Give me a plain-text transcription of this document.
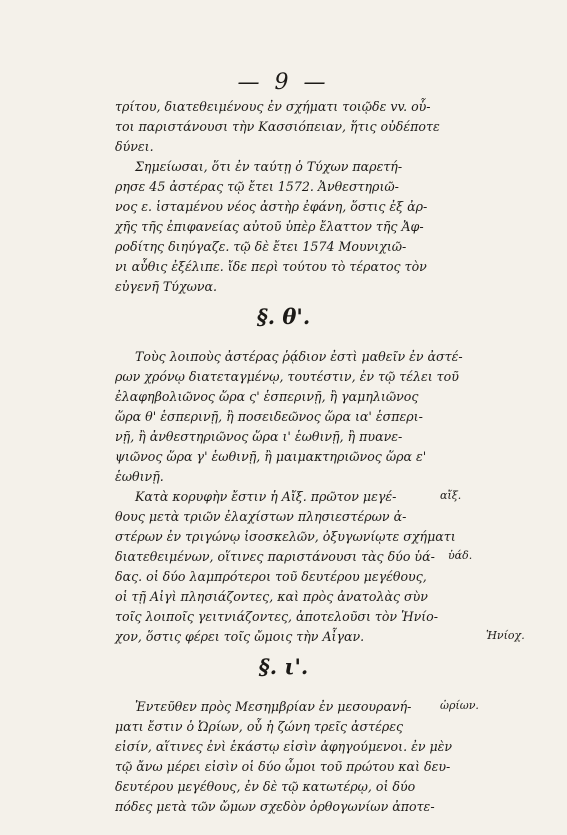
— 9 —
τρίτου, διατεθειμένους ἐν σχήματι τοιῷδε vv. οὗ-
τοι παριστάνουσι τὴν Κασσιόπειαν, ἥτις οὐδέποτε
δύνει.
Σημείωσαι, ὅτι ἐν ταύτῃ ὁ Τύχων παρετή-
ρησε 45 ἀστέρας τῷ ἔτει 1572. Ἀνθεστηριῶ-
νος ε. ἱσταμένου νέος ἀστὴρ ἐφάνη, ὅστις ἐξ ἀρ-
χῆς τῆς ἐπιφανείας αὐτοῦ ὑπὲρ ἔλαττον τῆς Ἀφ-
ροδίτης διηύγαζε. τῷ δὲ ἔτει 1574 Μουνιχιῶ-
νι αὖθις ἐξέλιπε. ἴδε περὶ τούτου τὸ τέρατος τὸν
εὐγενῆ Τύχωνα.
§. θ'.
Τοὺς λοιποὺς ἀστέρας ῥᾴδιον ἐστὶ μαθεῖν ἐν ἀστέ-
ρων χρόνῳ διατεταγμένῳ, τουτέστιν, ἐν τῷ τέλει τοῦ
ἐλαφηβολιῶνος ὥρα ς' ἑσπερινῇ, ἢ γαμηλιῶνος
ὥρα θ' ἑσπερινῇ, ἢ ποσειδεῶνος ὥρα ια' ἑσπερι-
νῇ, ἢ ἀνθεστηριῶνος ὥρα ι' ἑωθινῇ, ἢ πυανε-
ψιῶνος ὥρα γ' ἑωθινῇ, ἢ μαιμακτηριῶνος ὥρα ε'
ἑωθινῇ.
Κατὰ κορυφὴν ἔστιν ἡ Αἴξ. πρῶτον μεγέ-
θους μετὰ τριῶν ἐλαχίστων πλησιεστέρων ἀ-
στέρων ἐν τριγώνῳ ἰσοσκελῶν, ὀξυγωνίῳτε σχήματι
διατεθειμένων, οἵτινες παριστάνουσι τὰς δύο ὑά-
δας. οἱ δύο λαμπρότεροι τοῦ δευτέρου μεγέθους,
οἱ τῇ Αἰγὶ πλησιάζοντες, καὶ πρὸς ἀνατολὰς σὺν
τοῖς λοιποῖς γειτνιάζοντες, ἀποτελοῦσι τὸν Ἡνίο-
χον, ὅστις φέρει τοῖς ὤμοις τὴν Αἶγαν.
αἴξ.
ὑάδ.
Ἡνίοχ.
§. ι'.
Ἐντεῦθεν πρὸς Μεσημβρίαν ἐν μεσουρανή-
ματι ἔστιν ὁ Ὠρίων, οὗ ἡ ζώνη τρεῖς ἀστέρες
εἰσίν, αἵτινες ἐνὶ ἑκάστῳ εἰσὶν ἀφηγούμενοι. ἐν μὲν
τῷ ἄνω μέρει εἰσὶν οἱ δύο ὦμοι τοῦ πρώτου καὶ δευ-
δευτέρου μεγέθους, ἐν δὲ τῷ κατωτέρῳ, οἱ δύο
πόδες μετὰ τῶν ὤμων σχεδὸν ὀρθογωνίων ἀποτε-
ὠρίων.
